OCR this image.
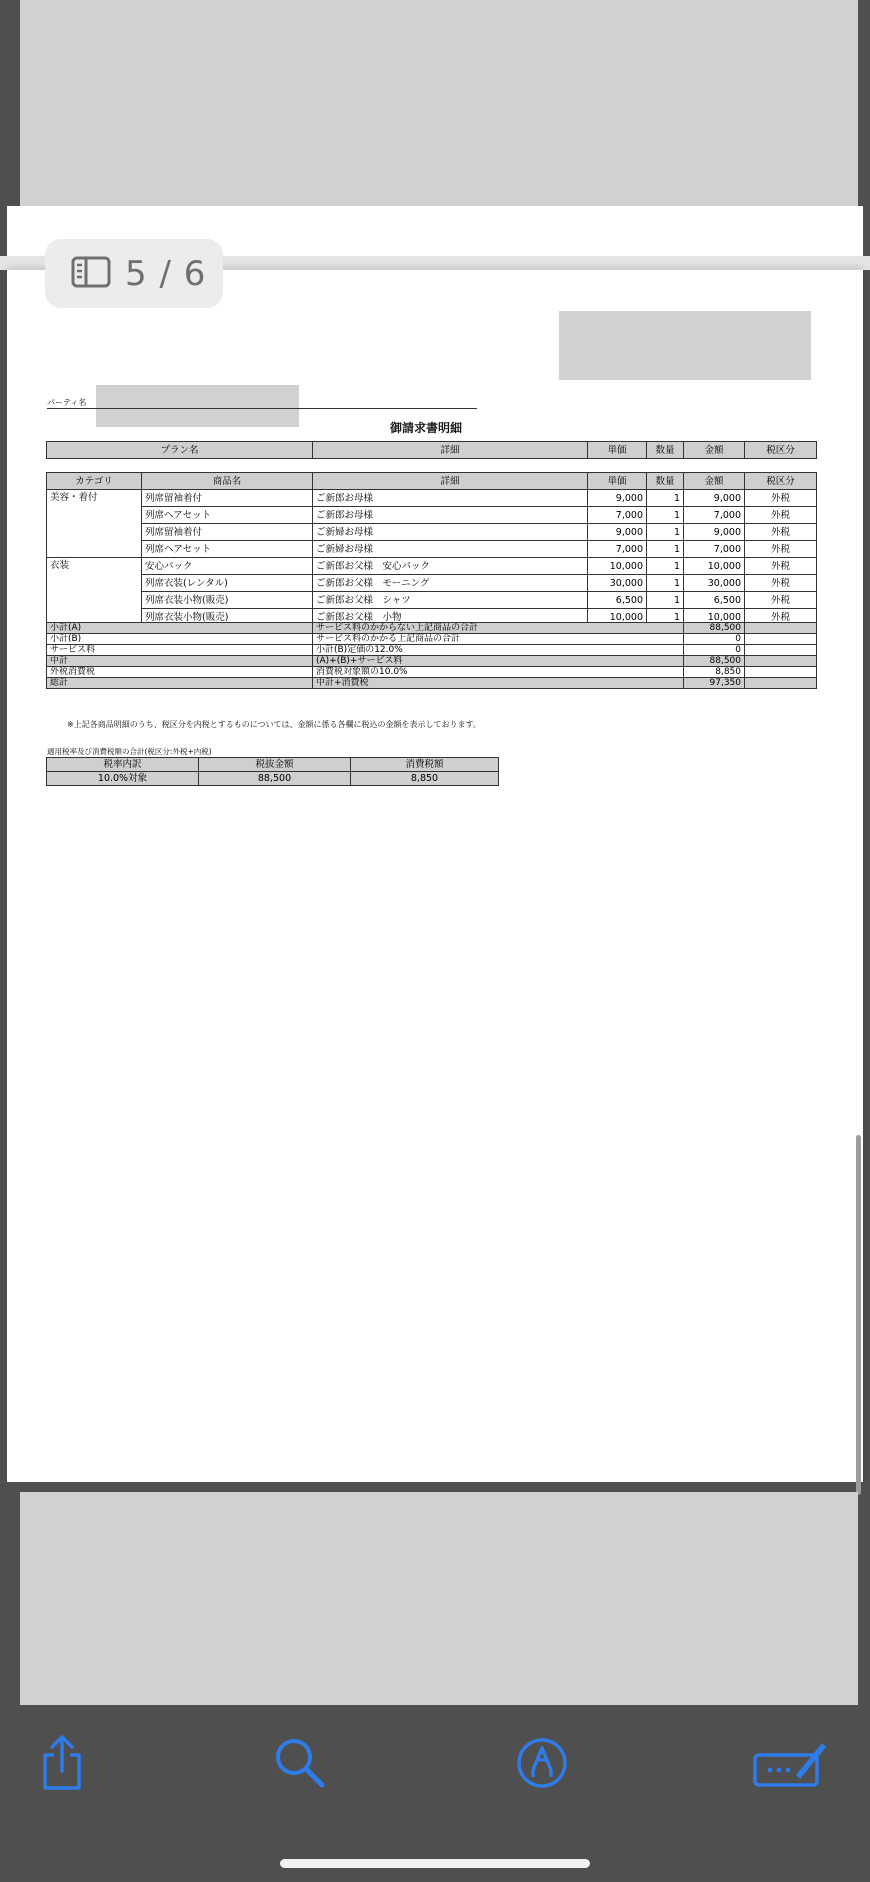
5 / 6
パーティ名
御請求書明細
プラン名	詳細	単価	数量	金額	税区分
カテゴリ	商品名	詳細	単価	数量	金額	税区分
美容・着付	列席留袖着付	ご新郎お母様	9,000	1	9,000	外税
	列席ヘアセット	ご新郎お母様	7,000	1	7,000	外税
	列席留袖着付	ご新婦お母様	9,000	1	9,000	外税
	列席ヘアセット	ご新婦お母様	7,000	1	7,000	外税
衣装	安心パック	ご新郎お父様　安心パック	10,000	1	10,000	外税
	列席衣装(レンタル)	ご新郎お父様　モーニング	30,000	1	30,000	外税
	列席衣装小物(販売)	ご新郎お父様　シャツ	6,500	1	6,500	外税
	列席衣装小物(販売)	ご新郎お父様　小物	10,000	1	10,000	外税
小計(A)	サービス料のかからない上記商品の合計	88,500	
小計(B)	サービス料のかかる上記商品の合計	0	
サービス料	小計(B)定価の12.0%	0	
中計	(A)+(B)+サービス料	88,500	
外税消費税	消費税対象額の10.0%	8,850	
総計	中計+消費税	97,350	
※上記各商品明細のうち、税区分を内税とするものについては、金額に係る各欄に税込の金額を表示しております。
適用税率及び消費税額の合計(税区分:外税+内税)
税率内訳	税抜金額	消費税額
10.0%対象	88,500	8,850
